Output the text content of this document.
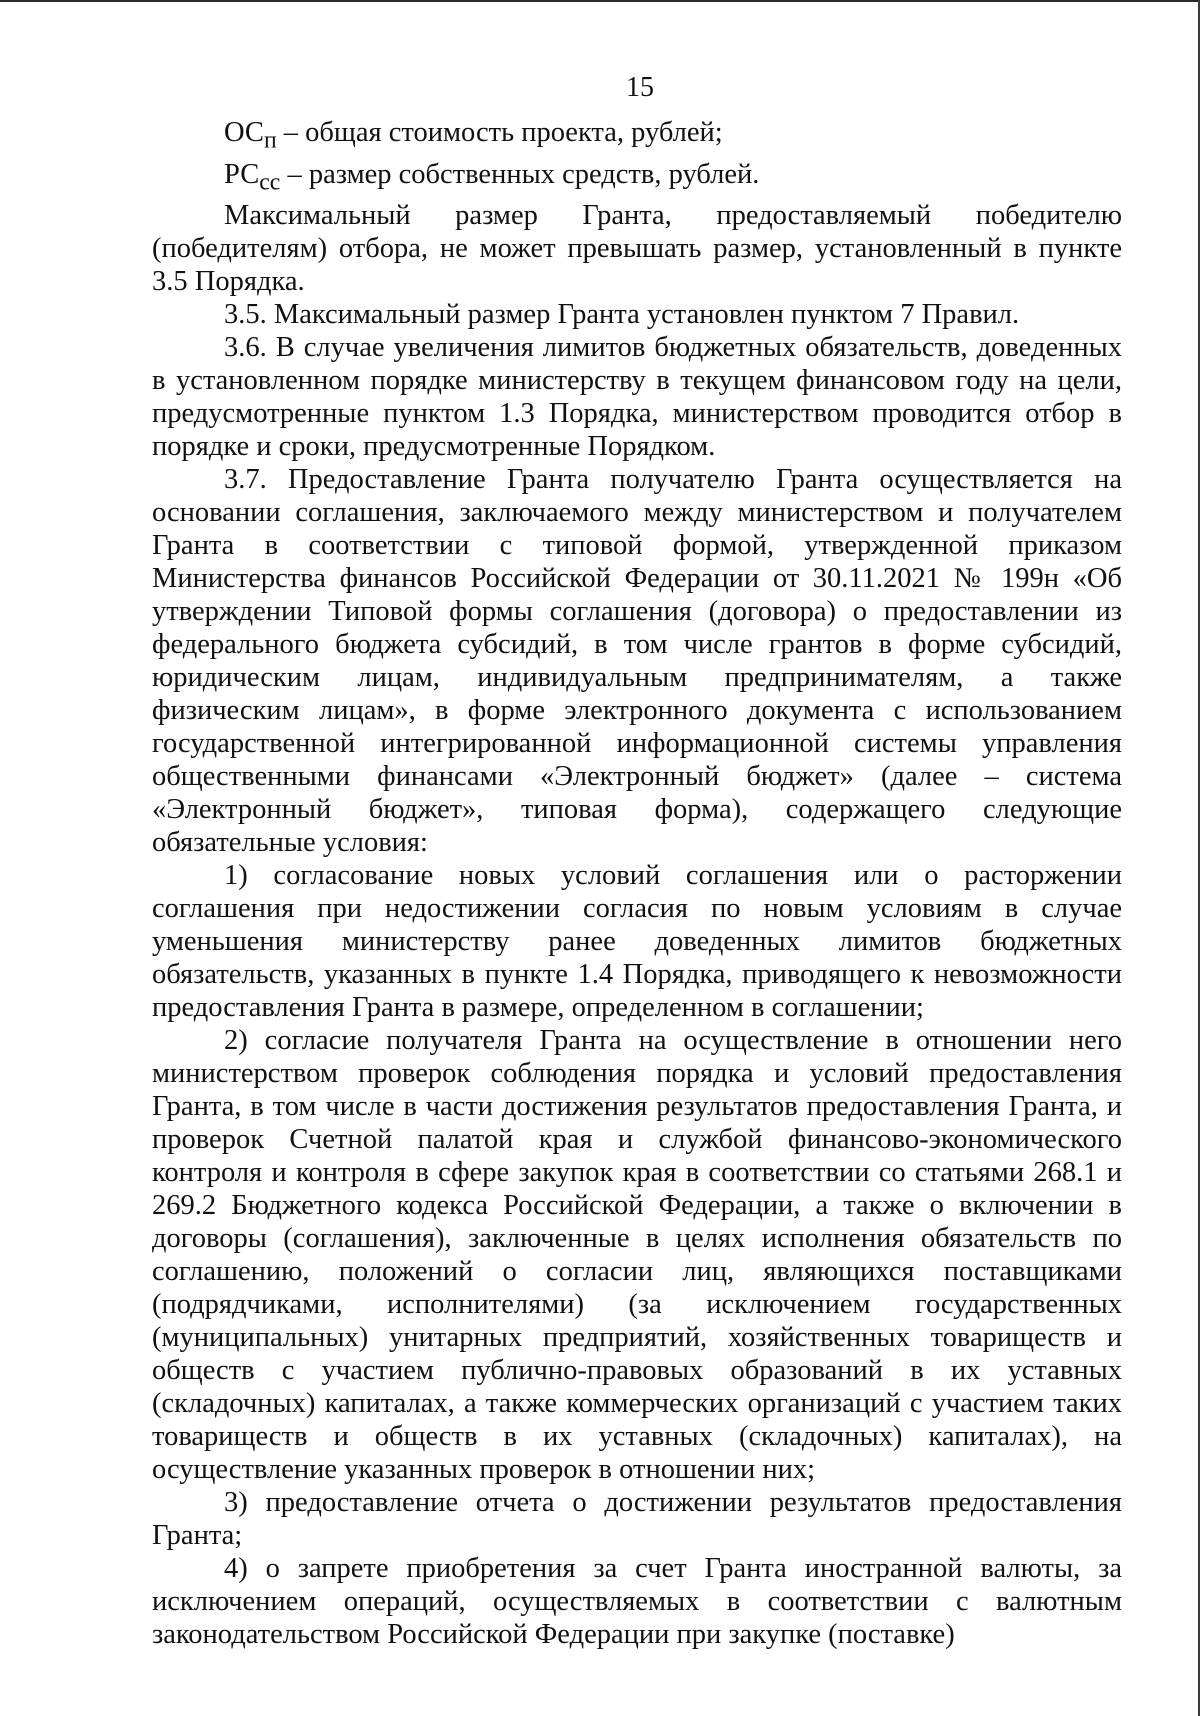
15

$ОС_п$ – общая стоимость проекта, рублей;

$РС_{сс}$ – размер собственных средств, рублей.

Максимальный размер Гранта, предоставляемый победителю (победителям) отбора, не может превышать размер, установленный в пункте 3.5 Порядка.

3.5. Максимальный размер Гранта установлен пунктом 7 Правил.

3.6. В случае увеличения лимитов бюджетных обязательств, доведенных в установленном порядке министерству в текущем финансовом году на цели, предусмотренные пунктом 1.3 Порядка, министерством проводится отбор в порядке и сроки, предусмотренные Порядком.

3.7. Предоставление Гранта получателю Гранта осуществляется на основании соглашения, заключаемого между министерством и получателем Гранта в соответствии с типовой формой, утвержденной приказом Министерства финансов Российской Федерации от 30.11.2021 № 199н «Об утверждении Типовой формы соглашения (договора) о предоставлении из федерального бюджета субсидий, в том числе грантов в форме субсидий, юридическим лицам, индивидуальным предпринимателям, а также физическим лицам», в форме электронного документа с использованием государственной интегрированной информационной системы управления общественными финансами «Электронный бюджет» (далее – система «Электронный бюджет», типовая форма), содержащего следующие обязательные условия:

1) согласование новых условий соглашения или о расторжении соглашения при недостижении согласия по новым условиям в случае уменьшения министерству ранее доведенных лимитов бюджетных обязательств, указанных в пункте 1.4 Порядка, приводящего к невозможности предоставления Гранта в размере, определенном в соглашении;

2) согласие получателя Гранта на осуществление в отношении него министерством проверок соблюдения порядка и условий предоставления Гранта, в том числе в части достижения результатов предоставления Гранта, и проверок Счетной палатой края и службой финансово-экономического контроля и контроля в сфере закупок края в соответствии со статьями 268.1 и 269.2 Бюджетного кодекса Российской Федерации, а также о включении в договоры (соглашения), заключенные в целях исполнения обязательств по соглашению, положений о согласии лиц, являющихся поставщиками (подрядчиками, исполнителями) (за исключением государственных (муниципальных) унитарных предприятий, хозяйственных товариществ и обществ с участием публично-правовых образований в их уставных (складочных) капиталах, а также коммерческих организаций с участием таких товариществ и обществ в их уставных (складочных) капиталах), на осуществление указанных проверок в отношении них;

3) предоставление отчета о достижении результатов предоставления Гранта;

4) о запрете приобретения за счет Гранта иностранной валюты, за исключением операций, осуществляемых в соответствии с валютным законодательством Российской Федерации при закупке (поставке)
